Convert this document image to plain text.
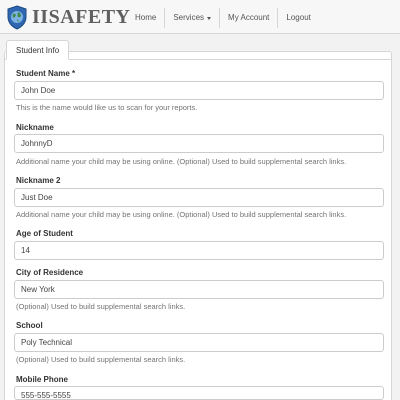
IISAFETY Home	Services	My Account	Logout
Student Info
Student Name *
John Doe
This is the name would like us to scan for your reports.
Nickname
JohnnyD
Additional name your child may be using online. (Optional) Used to build supplemental search links.
Nickname 2
Just Doe
Additional name your child may be using online. (Optional) Used to build supplemental search links.
Age of Student
14
City of Residence
New York
(Optional) Used to build supplemental search links.
School
Poly Technical
(Optional) Used to build supplemental search links.
Mobile Phone
555-555-5555
